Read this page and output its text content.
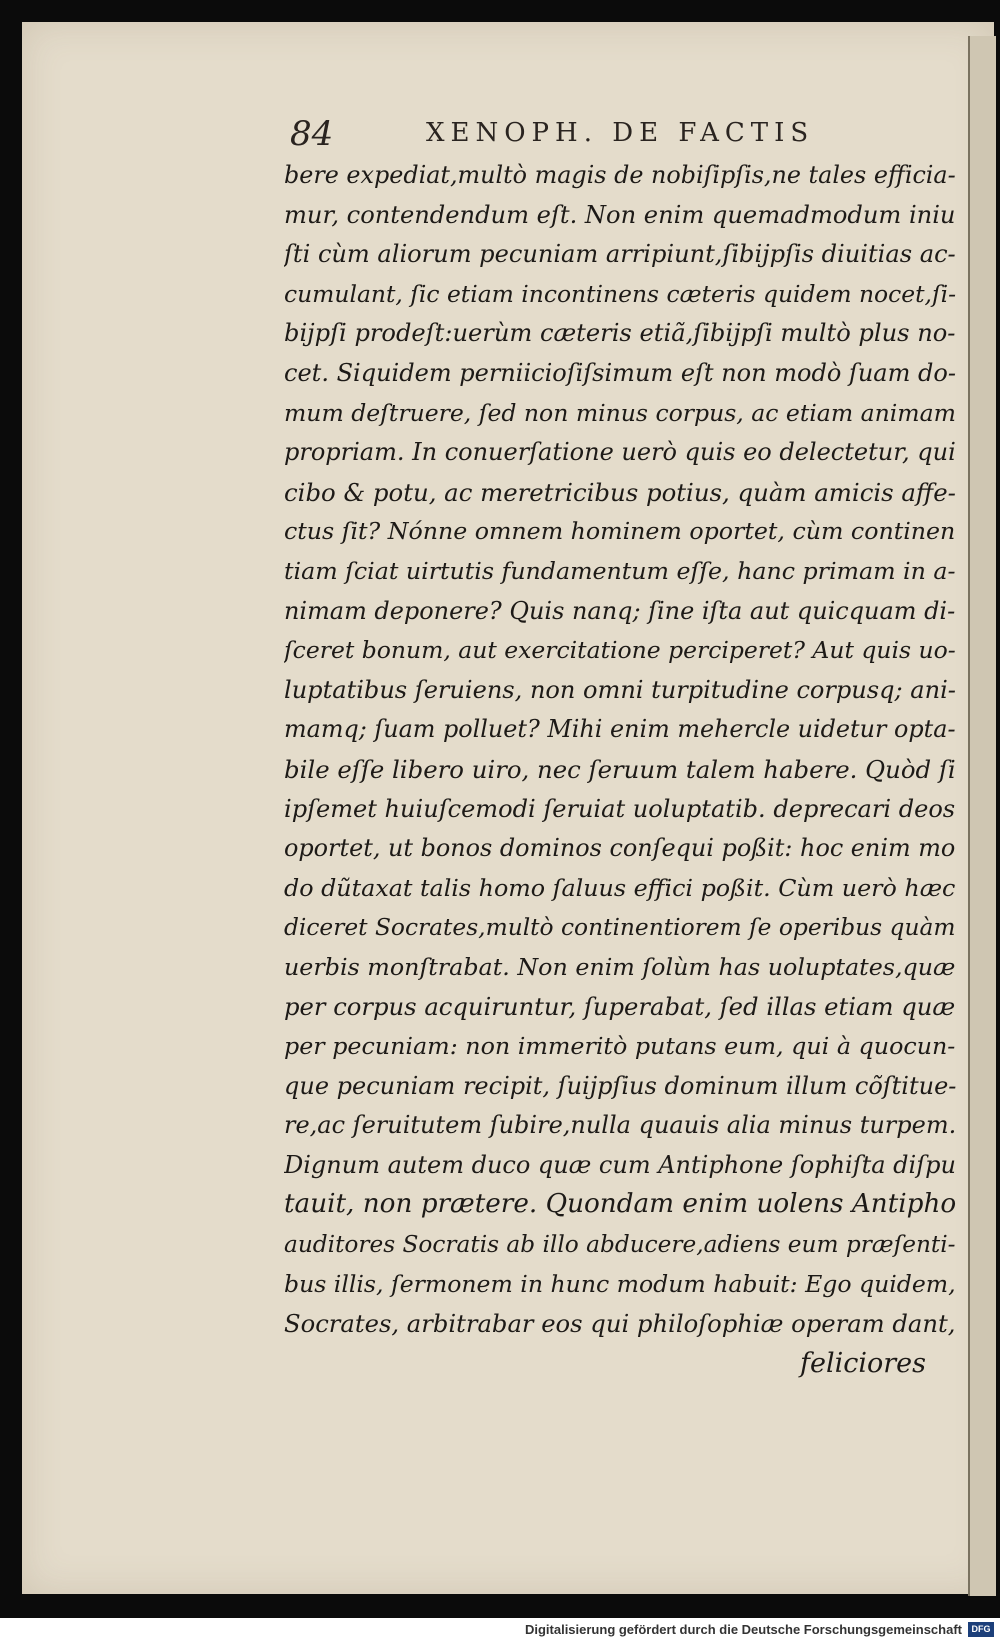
84	XENOPH. DE FACTIS
bere expediat,multò magis de nobiſipſis,ne tales efficia-
mur, contendendum eſt. Non enim quemadmodum iniu
ſti cùm aliorum pecuniam arripiunt,ſibijpſis diuitias ac-
cumulant, ſic etiam incontinens cæteris quidem nocet,ſi-
bijpſi prodeſt:uerùm cæteris etiã,ſibijpſi multò plus no-
cet. Siquidem perniicioſiſsimum eſt non modò ſuam do-
mum deſtruere, ſed non minus corpus, ac etiam animam
propriam. In conuerſatione uerò quis eo delectetur, qui
cibo & potu, ac meretricibus potius, quàm amicis affe-
ctus ſit? Nónne omnem hominem oportet, cùm continen
tiam ſciat uirtutis fundamentum eſſe, hanc primam in a-
nimam deponere? Quis nanq; ſine iſta aut quicquam di-
ſceret bonum, aut exercitatione perciperet? Aut quis uo-
luptatibus ſeruiens, non omni turpitudine corpusq; ani-
mamq; ſuam polluet? Mihi enim mehercle uidetur opta-
bile eſſe libero uiro, nec ſeruum talem habere. Quòd ſi
ipſemet huiuſcemodi ſeruiat uoluptatib. deprecari deos
oportet, ut bonos dominos conſequi poßit: hoc enim mo
do dũtaxat talis homo ſaluus effici poßit. Cùm uerò hæc
diceret Socrates,multò continentiorem ſe operibus quàm
uerbis monſtrabat. Non enim ſolùm has uoluptates,quæ
per corpus acquiruntur, ſuperabat, ſed illas etiam quæ
per pecuniam: non immeritò putans eum, qui à quocun-
que pecuniam recipit, ſuijpſius dominum illum cõſtitue-
re,ac ſeruitutem ſubire,nulla quauis alia minus turpem.
Dignum autem duco quæ cum Antiphone ſophiſta diſpu
tauit, non prætere. Quondam enim uolens Antipho
auditores Socratis ab illo abducere,adiens eum præſenti-
bus illis, ſermonem in hunc modum habuit: Ego quidem,
Socrates, arbitrabar eos qui philoſophiæ operam dant,
feliciores
Digitalisierung gefördert durch die Deutsche Forschungsgemeinschaft	DFG
